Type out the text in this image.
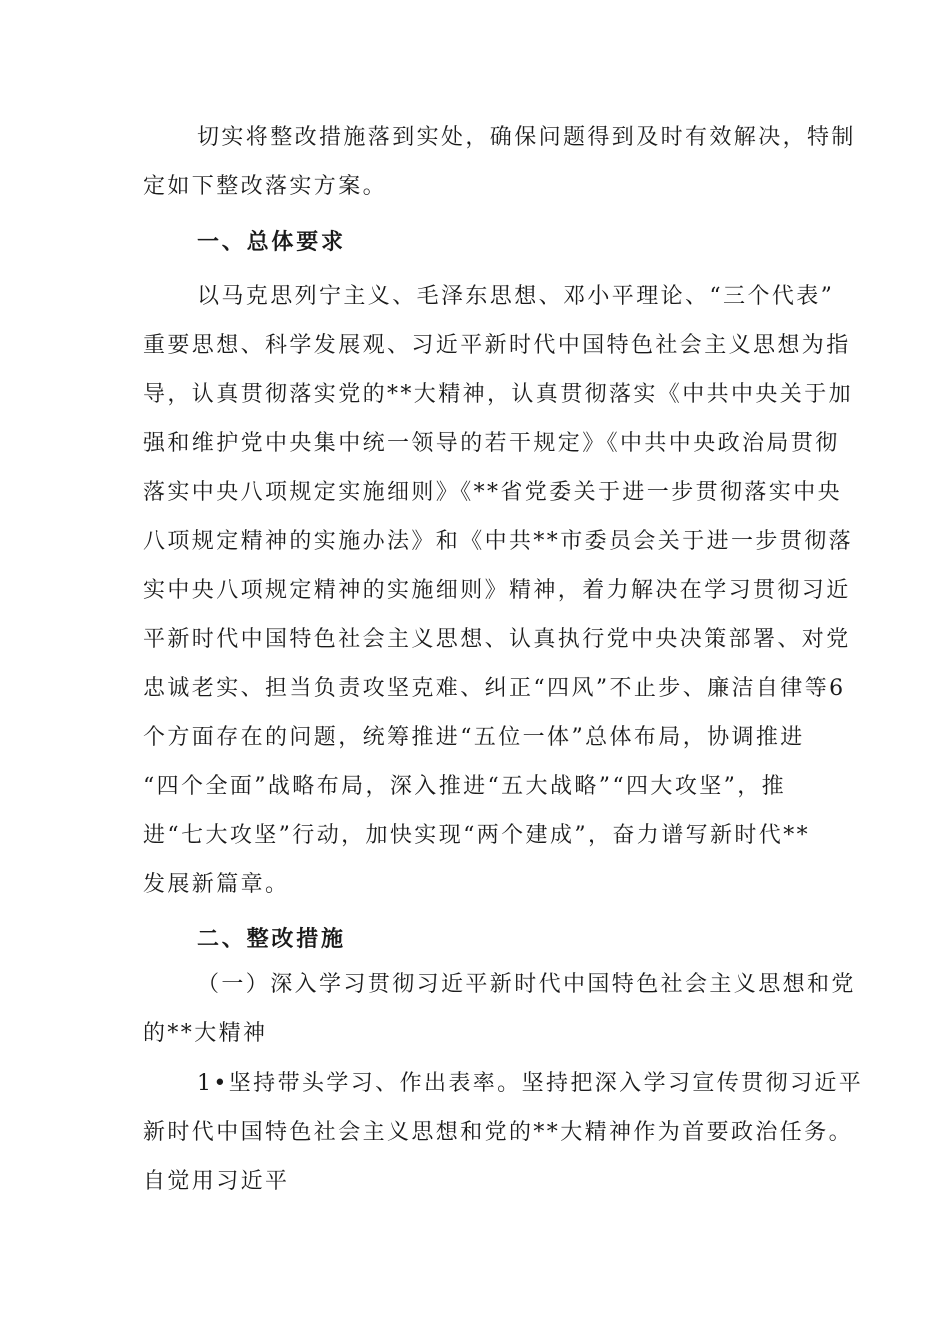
切实将整改措施落到实处，确保问题得到及时有效解决，特制
定如下整改落实方案。
一、总体要求
以马克思列宁主义、毛泽东思想、邓小平理论、“三个代表”
重要思想、科学发展观、习近平新时代中国特色社会主义思想为指
导，认真贯彻落实党的**大精神，认真贯彻落实《中共中央关于加
强和维护党中央集中统一领导的若干规定》《中共中央政治局贯彻
落实中央八项规定实施细则》《**省党委关于进一步贯彻落实中央
八项规定精神的实施办法》和《中共**市委员会关于进一步贯彻落
实中央八项规定精神的实施细则》精神，着力解决在学习贯彻习近
平新时代中国特色社会主义思想、认真执行党中央决策部署、对党
忠诚老实、担当负责攻坚克难、纠正“四风”不止步、廉洁自律等6
个方面存在的问题，统筹推进“五位一体”总体布局，协调推进
“四个全面”战略布局，深入推进“五大战略”“四大攻坚”，推
进“七大攻坚”行动，加快实现“两个建成”，奋力谱写新时代**
发展新篇章。
二、整改措施
（一）深入学习贯彻习近平新时代中国特色社会主义思想和党
的**大精神
1•坚持带头学习、作出表率。坚持把深入学习宣传贯彻习近平
新时代中国特色社会主义思想和党的**大精神作为首要政治任务。
自觉用习近平
